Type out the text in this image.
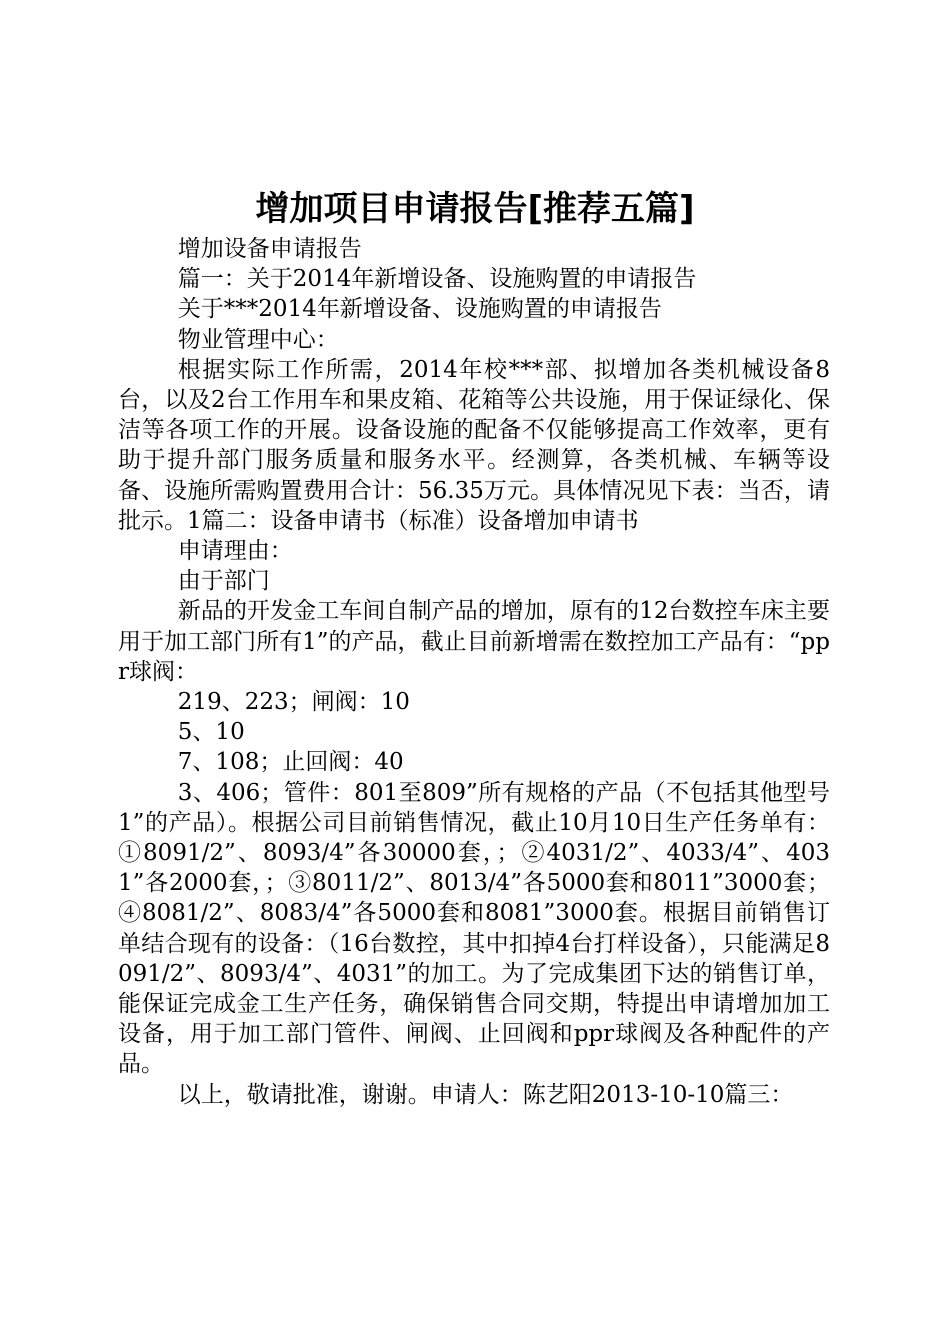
增加项目申请报告[推荐五篇]

增加设备申请报告

篇一：关于2014年新增设备、设施购置的申请报告

关于***2014年新增设备、设施购置的申请报告

物业管理中心：

根据实际工作所需，2014年校***部、拟增加各类机械设备8台，以及2台工作用车和果皮箱、花箱等公共设施，用于保证绿化、保洁等各项工作的开展。设备设施的配备不仅能够提高工作效率，更有助于提升部门服务质量和服务水平。经测算，各类机械、车辆等设备、设施所需购置费用合计：56.35万元。具体情况见下表：当否，请批示。1篇二：设备申请书（标准）设备增加申请书

申请理由：

由于部门

新品的开发金工车间自制产品的增加，原有的12台数控车床主要用于加工部门所有1”的产品，截止目前新增需在数控加工产品有：“ppr球阀：

219、223；闸阀：10

5、10

7、108；止回阀：40

3、406；管件：801至809”所有规格的产品（不包括其他型号1”的产品）。根据公司目前销售情况，截止10月10日生产任务单有：①8091/2”、8093/4”各30000套，；②4031/2”、4033/4”、4031”各2000套，；③8011/2”、8013/4”各5000套和8011”3000套；④8081/2”、8083/4”各5000套和8081”3000套。根据目前销售订单结合现有的设备：（16台数控，其中扣掉4台打样设备），只能满足8091/2”、8093/4”、4031”的加工。为了完成集团下达的销售订单，能保证完成金工生产任务，确保销售合同交期，特提出申请增加加工设备，用于加工部门管件、闸阀、止回阀和ppr球阀及各种配件的产品。

以上，敬请批准，谢谢。申请人：陈艺阳2013-10-10篇三：
